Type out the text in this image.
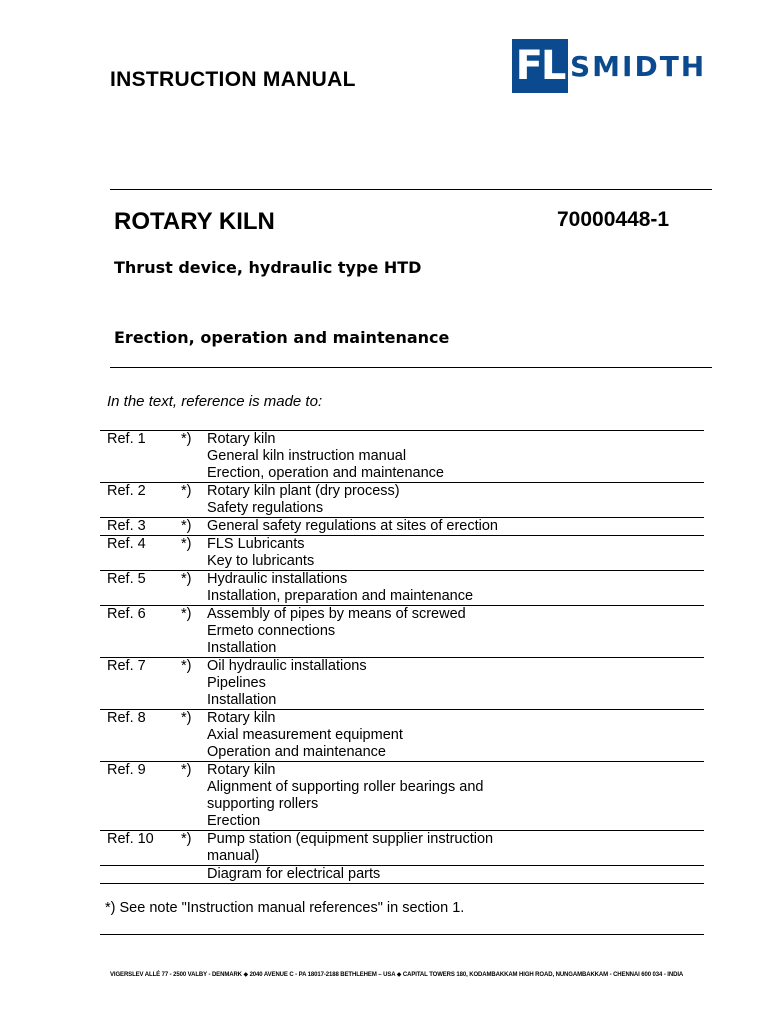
INSTRUCTION MANUAL	FL SMIDTH
ROTARY KILN	70000448-1
Thrust device, hydraulic type HTD
Erection, operation and maintenance
In the text, reference is made to:
Ref. 1	*)	Rotary kiln
General kiln instruction manual
Erection, operation and maintenance
Ref. 2	*)	Rotary kiln plant (dry process)
Safety regulations
Ref. 3	*)	General safety regulations at sites of erection
Ref. 4	*)	FLS Lubricants
Key to lubricants
Ref. 5	*)	Hydraulic installations
Installation, preparation and maintenance
Ref. 6	*)	Assembly of pipes by means of screwed
Ermeto connections
Installation
Ref. 7	*)	Oil hydraulic installations
Pipelines
Installation
Ref. 8	*)	Rotary kiln
Axial measurement equipment
Operation and maintenance
Ref. 9	*)	Rotary kiln
Alignment of supporting roller bearings and
supporting rollers
Erection
Ref. 10	*)	Pump station (equipment supplier instruction
manual)
Diagram for electrical parts
*) See note "Instruction manual references" in section 1.
VIGERSLEV ALLÉ 77 - 2500 VALBY - DENMARK ◆ 2040 AVENUE C - PA 18017-2188 BETHLEHEM – USA ◆ CAPITAL TOWERS 180, KODAMBAKKAM HIGH ROAD, NUNGAMBAKKAM - CHENNAI 600 034 - INDIA
